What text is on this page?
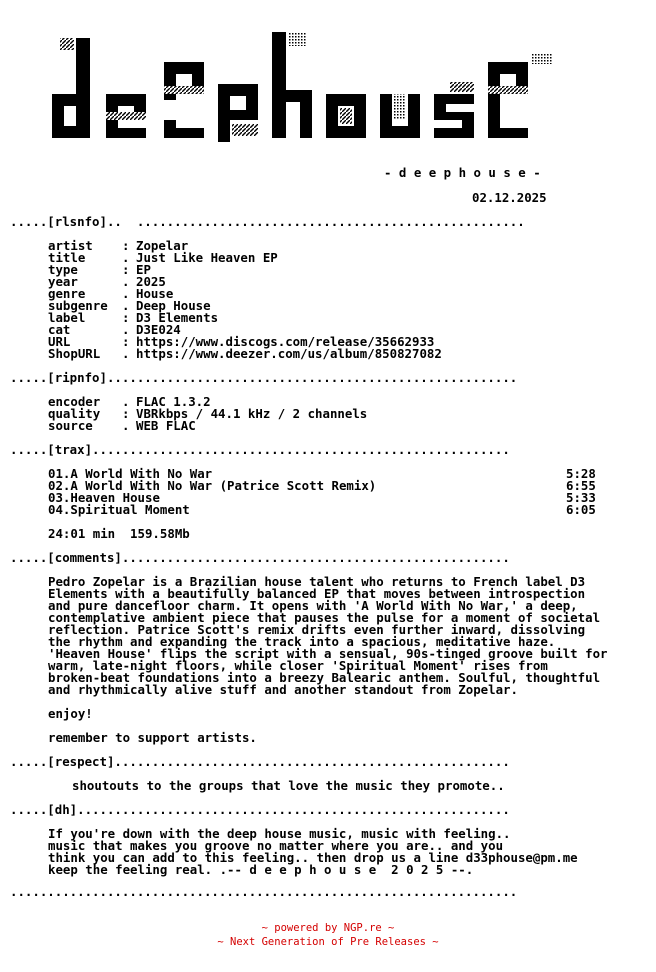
- d e e p h o u s e -
02.12.2025
.....[rlsnfo]..  ....................................................
artist : Zopelar
title	. Just Like Heaven EP
type	: EP
year	. 2025
genre	. House
subgenre . Deep House
label	: D3 Elements
cat	. D3E024
URL	: https://www.discogs.com/release/35662933
ShopURL . https://www.deezer.com/us/album/850827082
.....[ripnfo].......................................................
encoder . FLAC 1.3.2
quality : VBRkbps / 44.1 kHz / 2 channels
source . WEB FLAC
.....[trax]........................................................
01.A World With No War	5:28
02.A World With No War (Patrice Scott Remix)	6:55
03.Heaven House	5:33
04.Spiritual Moment	6:05
24:01 min  159.58Mb
.....[comments]....................................................
Pedro Zopelar is a Brazilian house talent who returns to French label D3
Elements with a beautifully balanced EP that moves between introspection
and pure dancefloor charm. It opens with 'A World With No War,' a deep,
contemplative ambient piece that pauses the pulse for a moment of societal
reflection. Patrice Scott's remix drifts even further inward, dissolving
the rhythm and expanding the track into a spacious, meditative haze.
'Heaven House' flips the script with a sensual, 90s-tinged groove built for
warm, late-night floors, while closer 'Spiritual Moment' rises from
broken-beat foundations into a breezy Balearic anthem. Soulful, thoughtful
and rhythmically alive stuff and another standout from Zopelar.
enjoy!
remember to support artists.
.....[respect].....................................................
shoutouts to the groups that love the music they promote..
.....[dh]..........................................................
If you're down with the deep house music, music with feeling..
music that makes you groove no matter where you are.. and you
think you can add to this feeling.. then drop us a line d33phouse@pm.me
keep the feeling real. .-- d e e p h o u s e  2 0 2 5 --.
....................................................................
~ powered by NGP.re ~
~ Next Generation of Pre Releases ~
